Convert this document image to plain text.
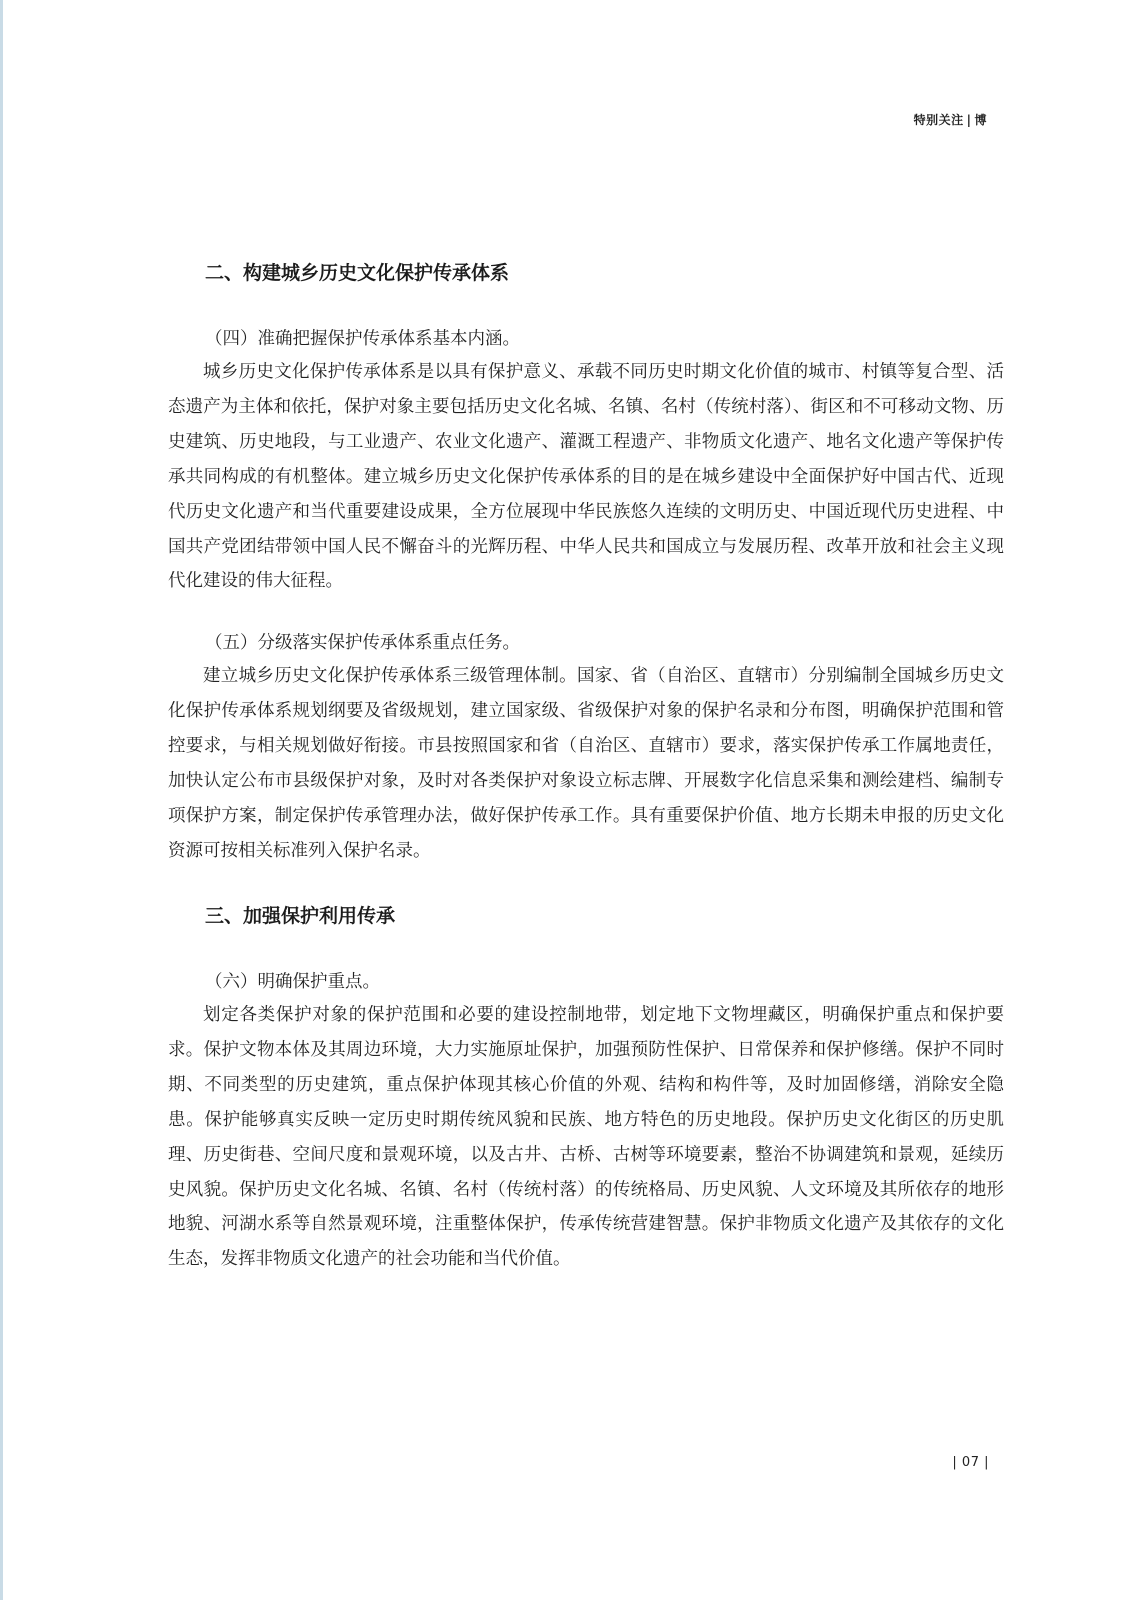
特别关注 | 博
二、构建城乡历史文化保护传承体系
（四）准确把握保护传承体系基本内涵。

城乡历史文化保护传承体系是以具有保护意义、承载不同历史时期文化价值的城市、村镇等复合型、活态遗产为主体和依托，保护对象主要包括历史文化名城、名镇、名村（传统村落）、街区和不可移动文物、历史建筑、历史地段，与工业遗产、农业文化遗产、灌溉工程遗产、非物质文化遗产、地名文化遗产等保护传承共同构成的有机整体。建立城乡历史文化保护传承体系的目的是在城乡建设中全面保护好中国古代、近现代历史文化遗产和当代重要建设成果，全方位展现中华民族悠久连续的文明历史、中国近现代历史进程、中国共产党团结带领中国人民不懈奋斗的光辉历程、中华人民共和国成立与发展历程、改革开放和社会主义现代化建设的伟大征程。

（五）分级落实保护传承体系重点任务。

建立城乡历史文化保护传承体系三级管理体制。国家、省（自治区、直辖市）分别编制全国城乡历史文化保护传承体系规划纲要及省级规划，建立国家级、省级保护对象的保护名录和分布图，明确保护范围和管控要求，与相关规划做好衔接。市县按照国家和省（自治区、直辖市）要求，落实保护传承工作属地责任，加快认定公布市县级保护对象，及时对各类保护对象设立标志牌、开展数字化信息采集和测绘建档、编制专项保护方案，制定保护传承管理办法，做好保护传承工作。具有重要保护价值、地方长期未申报的历史文化资源可按相关标准列入保护名录。

三、加强保护利用传承
（六）明确保护重点。

划定各类保护对象的保护范围和必要的建设控制地带，划定地下文物埋藏区，明确保护重点和保护要求。保护文物本体及其周边环境，大力实施原址保护，加强预防性保护、日常保养和保护修缮。保护不同时期、不同类型的历史建筑，重点保护体现其核心价值的外观、结构和构件等，及时加固修缮，消除安全隐患。保护能够真实反映一定历史时期传统风貌和民族、地方特色的历史地段。保护历史文化街区的历史肌理、历史街巷、空间尺度和景观环境，以及古井、古桥、古树等环境要素，整治不协调建筑和景观，延续历史风貌。保护历史文化名城、名镇、名村（传统村落）的传统格局、历史风貌、人文环境及其所依存的地形地貌、河湖水系等自然景观环境，注重整体保护，传承传统营建智慧。保护非物质文化遗产及其依存的文化生态，发挥非物质文化遗产的社会功能和当代价值。

| 07 |
